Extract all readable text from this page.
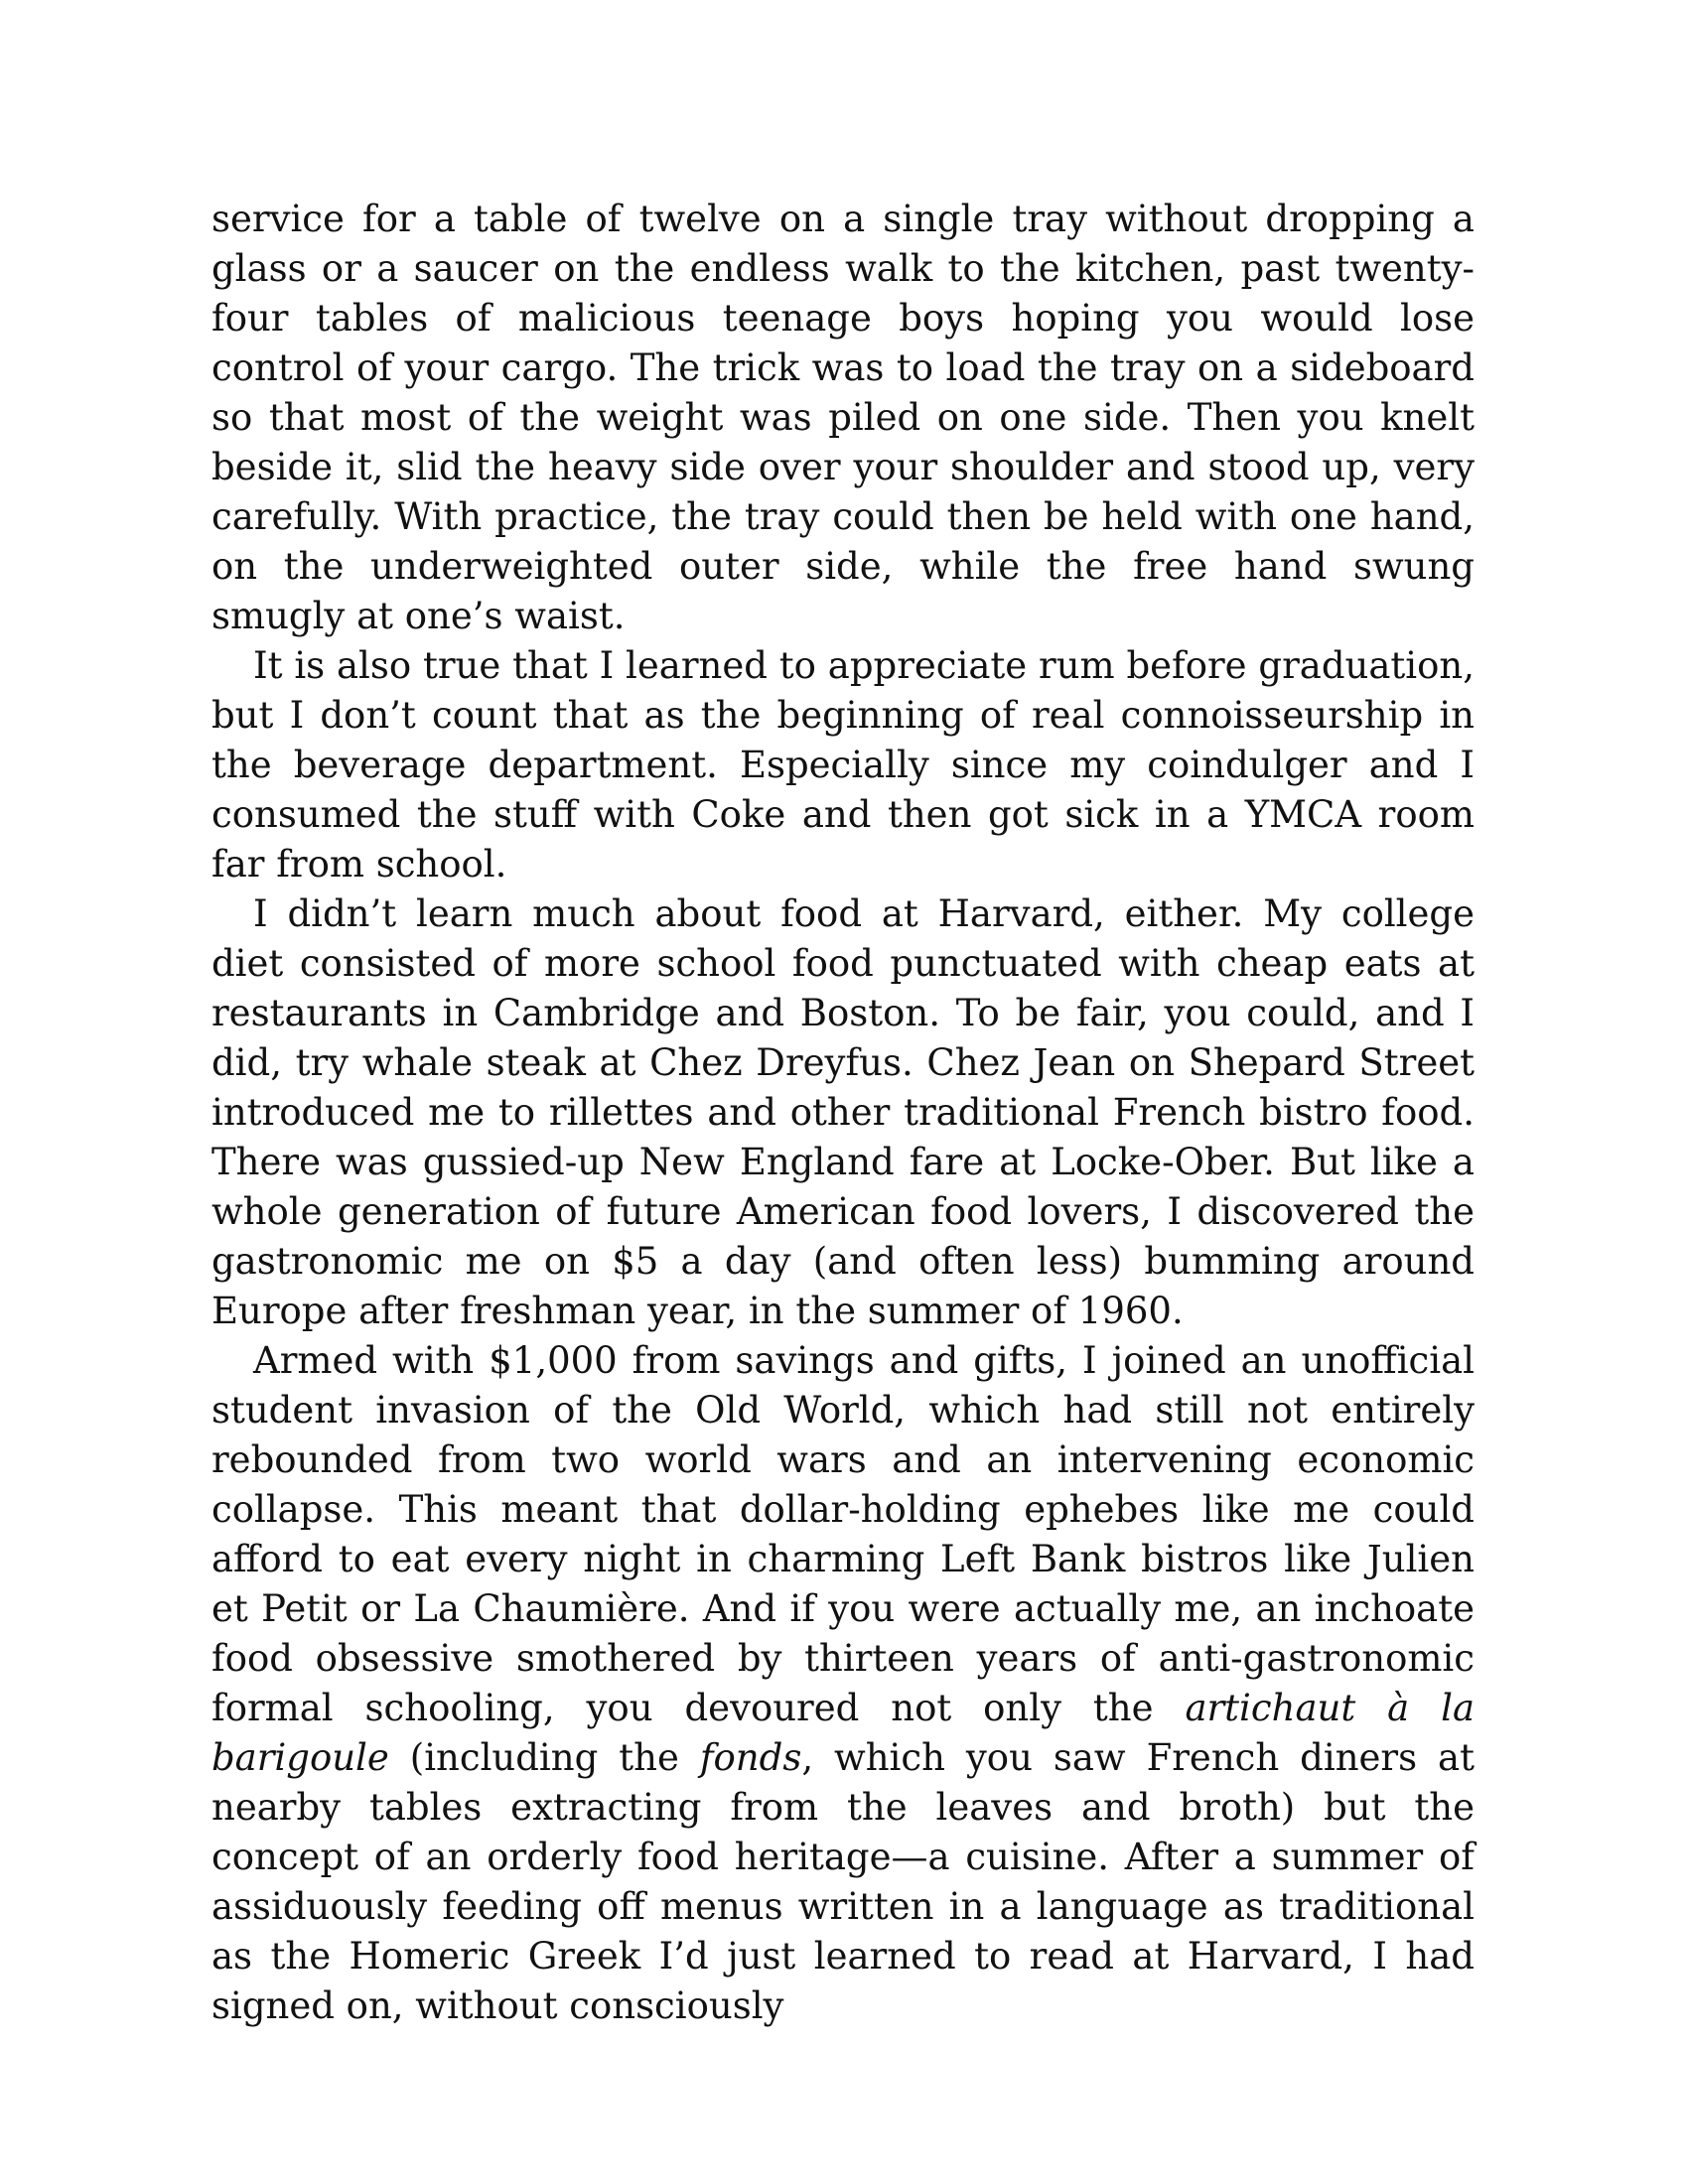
service for a table of twelve on a single tray without dropping a glass or a saucer on the endless walk to the kitchen, past twenty-four tables of malicious teenage boys hoping you would lose control of your cargo. The trick was to load the tray on a sideboard so that most of the weight was piled on one side. Then you knelt beside it, slid the heavy side over your shoulder and stood up, very carefully. With practice, the tray could then be held with one hand, on the underweighted outer side, while the free hand swung smugly at one’s waist.

It is also true that I learned to appreciate rum before graduation, but I don’t count that as the beginning of real connoisseurship in the beverage department. Especially since my coindulger and I consumed the stuff with Coke and then got sick in a YMCA room far from school.

I didn’t learn much about food at Harvard, either. My college diet consisted of more school food punctuated with cheap eats at restaurants in Cambridge and Boston. To be fair, you could, and I did, try whale steak at Chez Dreyfus. Chez Jean on Shepard Street introduced me to rillettes and other traditional French bistro food. There was gussied-up New England fare at Locke-Ober. But like a whole generation of future American food lovers, I discovered the gastronomic me on $5 a day (and often less) bumming around Europe after freshman year, in the summer of 1960.

Armed with $1,000 from savings and gifts, I joined an unofficial student invasion of the Old World, which had still not entirely rebounded from two world wars and an intervening economic collapse. This meant that dollar-holding ephebes like me could afford to eat every night in charming Left Bank bistros like Julien et Petit or La Chaumière. And if you were actually me, an inchoate food obsessive smothered by thirteen years of anti-gastronomic formal schooling, you devoured not only the artichaut à la barigoule (including the fonds, which you saw French diners at nearby tables extracting from the leaves and broth) but the concept of an orderly food heritage—a cuisine. After a summer of assiduously feeding off menus written in a language as traditional as the Homeric Greek I’d just learned to read at Harvard, I had signed on, without consciously
